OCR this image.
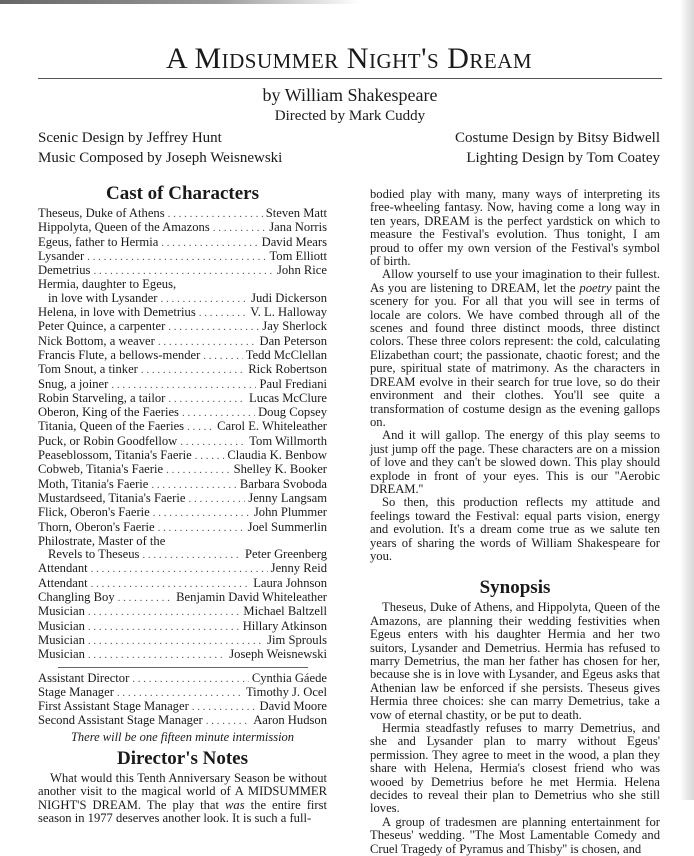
A Midsummer Night's Dream
by William Shakespeare
Directed by Mark Cuddy
Scenic Design by Jeffrey Hunt
Music Composed by Joseph Weisnewski
Costume Design by Bitsy Bidwell
Lighting Design by Tom Coatey
Cast of Characters
Theseus, Duke of Athens . . .	Steven Matt
Hippolyta, Queen of the Amazons . . .	Jana Norris
Egeus, father to Hermia . . .	David Mears
Lysander . . .	Tom Elliott
Demetrius . . .	John Rice
Hermia, daughter to Egeus,
in love with Lysander . . .	Judi Dickerson
Helena, in love with Demetrius . . .	V. L. Halloway
Peter Quince, a carpenter . . .	Jay Sherlock
Nick Bottom, a weaver . . .	Dan Peterson
Francis Flute, a bellows-mender . . .	Tedd McClellan
Tom Snout, a tinker . . .	Rick Robertson
Snug, a joiner . . .	Paul Frediani
Robin Starveling, a tailor . . .	Lucas McClure
Oberon, King of the Faeries . . .	Doug Copsey
Titania, Queen of the Faeries . . .	Carol E. Whiteleather
Puck, or Robin Goodfellow . . .	Tom Willmorth
Peaseblossom, Titania's Faerie . . .	Claudia K. Benbow
Cobweb, Titania's Faerie . . .	Shelley K. Booker
Moth, Titania's Faerie . . .	Barbara Svoboda
Mustardseed, Titania's Faerie . . .	Jenny Langsam
Flick, Oberon's Faerie . . .	John Plummer
Thorn, Oberon's Faerie . . .	Joel Summerlin
Philostrate, Master of the
Revels to Theseus . . .	Peter Greenberg
Attendant . . .	Jenny Reid
Attendant . . .	Laura Johnson
Changling Boy . . .	Benjamin David Whiteleather
Musician . . .	Michael Baltzell
Musician . . .	Hillary Atkinson
Musician . . .	Jim Sprouls
Musician . . .	Joseph Weisnewski
Assistant Director . . .	Cynthia Gáede
Stage Manager . . .	Timothy J. Ocel
First Assistant Stage Manager . . .	David Moore
Second Assistant Stage Manager . . .	Aaron Hudson
There will be one fifteen minute intermission
Director's Notes

What would this Tenth Anniversary Season be without another visit to the magical world of A MIDSUMMER NIGHT'S DREAM. The play that was the entire first season in 1977 deserves another look. It is such a full-

bodied play with many, many ways of interpreting its free-wheeling fantasy. Now, having come a long way in ten years, DREAM is the perfect yardstick on which to measure the Festival's evolution. Thus tonight, I am proud to offer my own version of the Festival's symbol of birth.

Allow yourself to use your imagination to their fullest. As you are listening to DREAM, let the poetry paint the scenery for you. For all that you will see in terms of locale are colors. We have combed through all of the scenes and found three distinct moods, three distinct colors. These three colors represent: the cold, calculating Elizabethan court; the passionate, chaotic forest; and the pure, spiritual state of matrimony. As the characters in DREAM evolve in their search for true love, so do their environment and their clothes. You'll see quite a transformation of costume design as the evening gallops on.

And it will gallop. The energy of this play seems to just jump off the page. These characters are on a mission of love and they can't be slowed down. This play should explode in front of your eyes. This is our ''Aerobic DREAM.''

So then, this production reflects my attitude and feelings toward the Festival: equal parts vision, energy and evolution. It's a dream come true as we salute ten years of sharing the words of William Shakespeare for you.

Synopsis

Theseus, Duke of Athens, and Hippolyta, Queen of the Amazons, are planning their wedding festivities when Egeus enters with his daughter Hermia and her two suitors, Lysander and Demetrius. Hermia has refused to marry Demetrius, the man her father has chosen for her, because she is in love with Lysander, and Egeus asks that Athenian law be enforced if she persists. Theseus gives Hermia three choices: she can marry Demetrius, take a vow of eternal chastity, or be put to death.

Hermia steadfastly refuses to marry Demetrius, and she and Lysander plan to marry without Egeus' permission. They agree to meet in the wood, a plan they share with Helena, Hermia's closest friend who was wooed by Demetrius before he met Hermia. Helena decides to reveal their plan to Demetrius who she still loves.

A group of tradesmen are planning entertainment for Theseus' wedding. ''The Most Lamentable Comedy and Cruel Tragedy of Pyramus and Thisby'' is chosen, and
